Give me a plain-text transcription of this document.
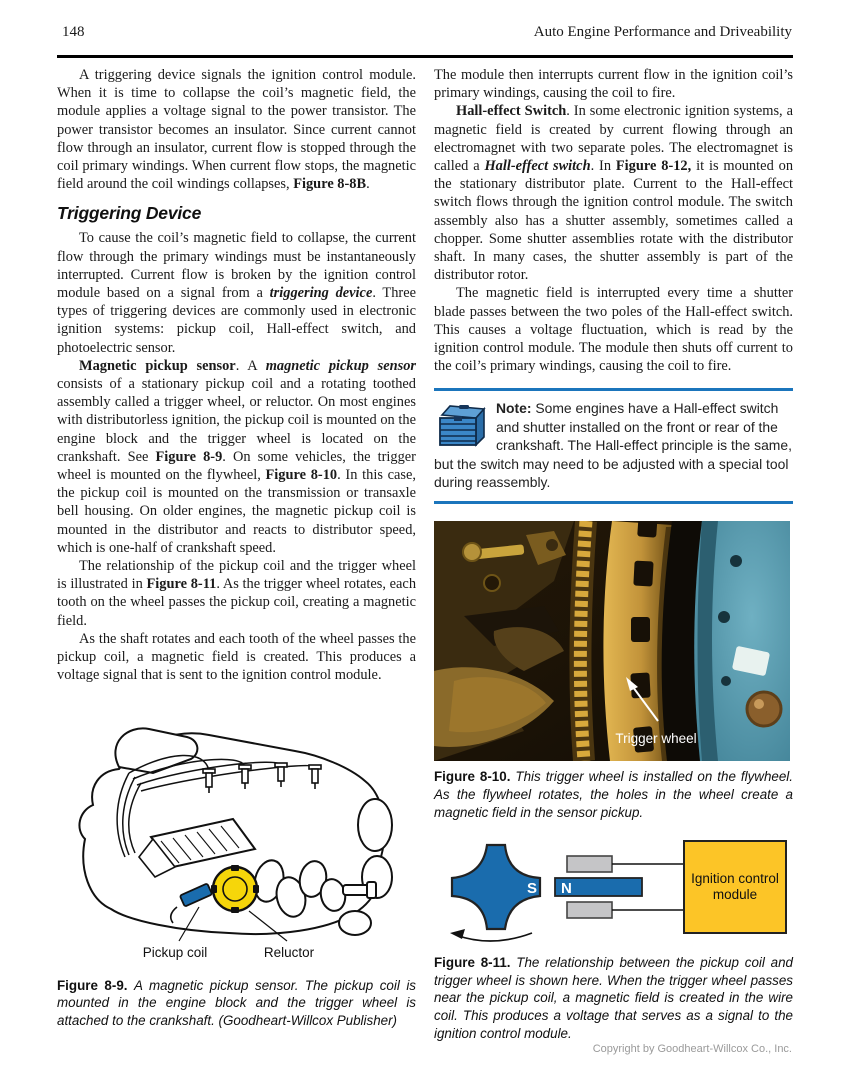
148	Auto Engine Performance and Driveability

A triggering device signals the ignition control module. When it is time to collapse the coil’s magnetic field, the module applies a voltage signal to the power transistor. The power transistor becomes an insulator. Since current cannot flow through an insulator, current flow is stopped through the coil primary windings. When current flow stops, the magnetic field around the coil windings collapses, Figure 8-8B.

Triggering Device

To cause the coil’s magnetic field to collapse, the current flow through the primary windings must be instantaneously interrupted. Current flow is broken by the ignition control module based on a signal from a triggering device. Three types of triggering devices are commonly used in electronic ignition systems: pickup coil, Hall-effect switch, and photoelectric sensor.

Magnetic pickup sensor. A magnetic pickup sensor consists of a stationary pickup coil and a rotating toothed assembly called a trigger wheel, or reluctor. On most engines with distributorless ignition, the pickup coil is mounted on the engine block and the trigger wheel is located on the crankshaft. See Figure 8-9. On some vehicles, the trigger wheel is mounted on the flywheel, Figure 8-10. In this case, the pickup coil is mounted on the transmission or transaxle bell housing. On older engines, the magnetic pickup coil is mounted in the distributor and reacts to distributor speed, which is one-half of crankshaft speed.

The relationship of the pickup coil and the trigger wheel is illustrated in Figure 8-11. As the trigger wheel rotates, each tooth on the wheel passes the pickup coil, creating a magnetic field.

As the shaft rotates and each tooth of the wheel passes the pickup coil, a magnetic field is created. This produces a voltage signal that is sent to the ignition control module.

Pickup coil	Reluctor

Figure 8-9. A magnetic pickup sensor. The pickup coil is mounted in the engine block and the trigger wheel is attached to the crankshaft. (Goodheart-Willcox Publisher)

The module then interrupts current flow in the ignition coil’s primary windings, causing the coil to fire.

Hall-effect Switch. In some electronic ignition systems, a magnetic field is created by current flowing through an electromagnet with two separate poles. The electromagnet is called a Hall-effect switch. In Figure 8-12, it is mounted on the stationary distributor plate. Current to the Hall-effect switch flows through the ignition control module. The switch assembly also has a shutter assembly, sometimes called a chopper. Some shutter assemblies rotate with the distributor shaft. In many cases, the shutter assembly is part of the distributor rotor.

The magnetic field is interrupted every time a shutter blade passes between the two poles of the Hall-effect switch. This causes a voltage fluctuation, which is read by the ignition control module. The module then shuts off current to the coil’s primary windings, causing the coil to fire.

Note: Some engines have a Hall-effect switch and shutter installed on the front or rear of the crankshaft. The Hall-effect principle is the same, but the switch may need to be adjusted with a special tool during reassembly.
Trigger wheel

Figure 8-10. This trigger wheel is installed on the flywheel. As the flywheel rotates, the holes in the wheel create a magnetic field in the sensor pickup.

S N
Ignition control module

Figure 8-11. The relationship between the pickup coil and trigger wheel is shown here. When the trigger wheel passes near the pickup coil, a magnetic field is created in the wire coil. This produces a voltage that serves as a signal to the ignition control module.

Copyright by Goodheart-Willcox Co., Inc.
